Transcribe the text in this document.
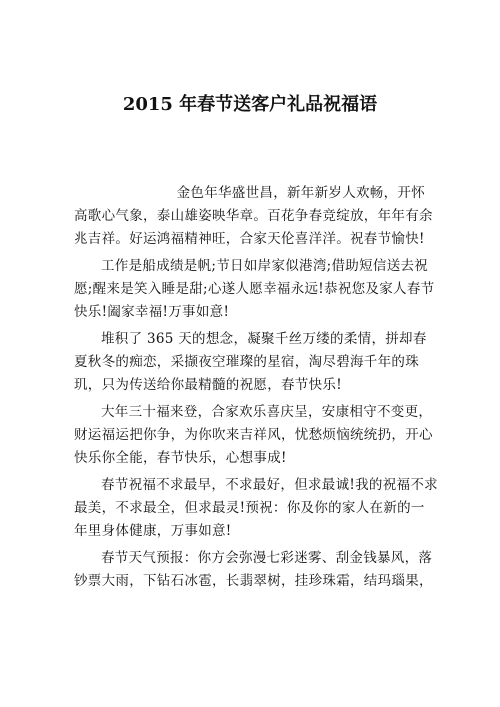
2015 年春节送客户礼品祝福语

金色年华盛世昌，新年新岁人欢畅，开怀高歌心气象，泰山雄姿映华章。百花争春竞绽放，年年有余兆吉祥。好运鸿福精神旺，合家天伦喜洋洋。祝春节愉快!

工作是船成绩是帆;节日如岸家似港湾;借助短信送去祝愿;醒来是笑入睡是甜;心遂人愿幸福永远!恭祝您及家人春节快乐!阖家幸福!万事如意!

堆积了 365 天的想念，凝聚千丝万缕的柔情，拼却春夏秋冬的痴恋，采撷夜空璀璨的星宿，淘尽碧海千年的珠玑，只为传送给你最精髓的祝愿，春节快乐!

大年三十福来登，合家欢乐喜庆呈，安康相守不变更，财运福运把你争，为你吹来吉祥风，忧愁烦恼统统扔，开心快乐你全能，春节快乐，心想事成!

春节祝福不求最早，不求最好，但求最诚!我的祝福不求最美，不求最全，但求最灵!预祝：你及你的家人在新的一年里身体健康，万事如意!

春节天气预报：你方会弥漫七彩迷雾、刮金钱暴风，落钞票大雨，下钻石冰雹，长翡翠树，挂珍珠霜，结玛瑙果，
